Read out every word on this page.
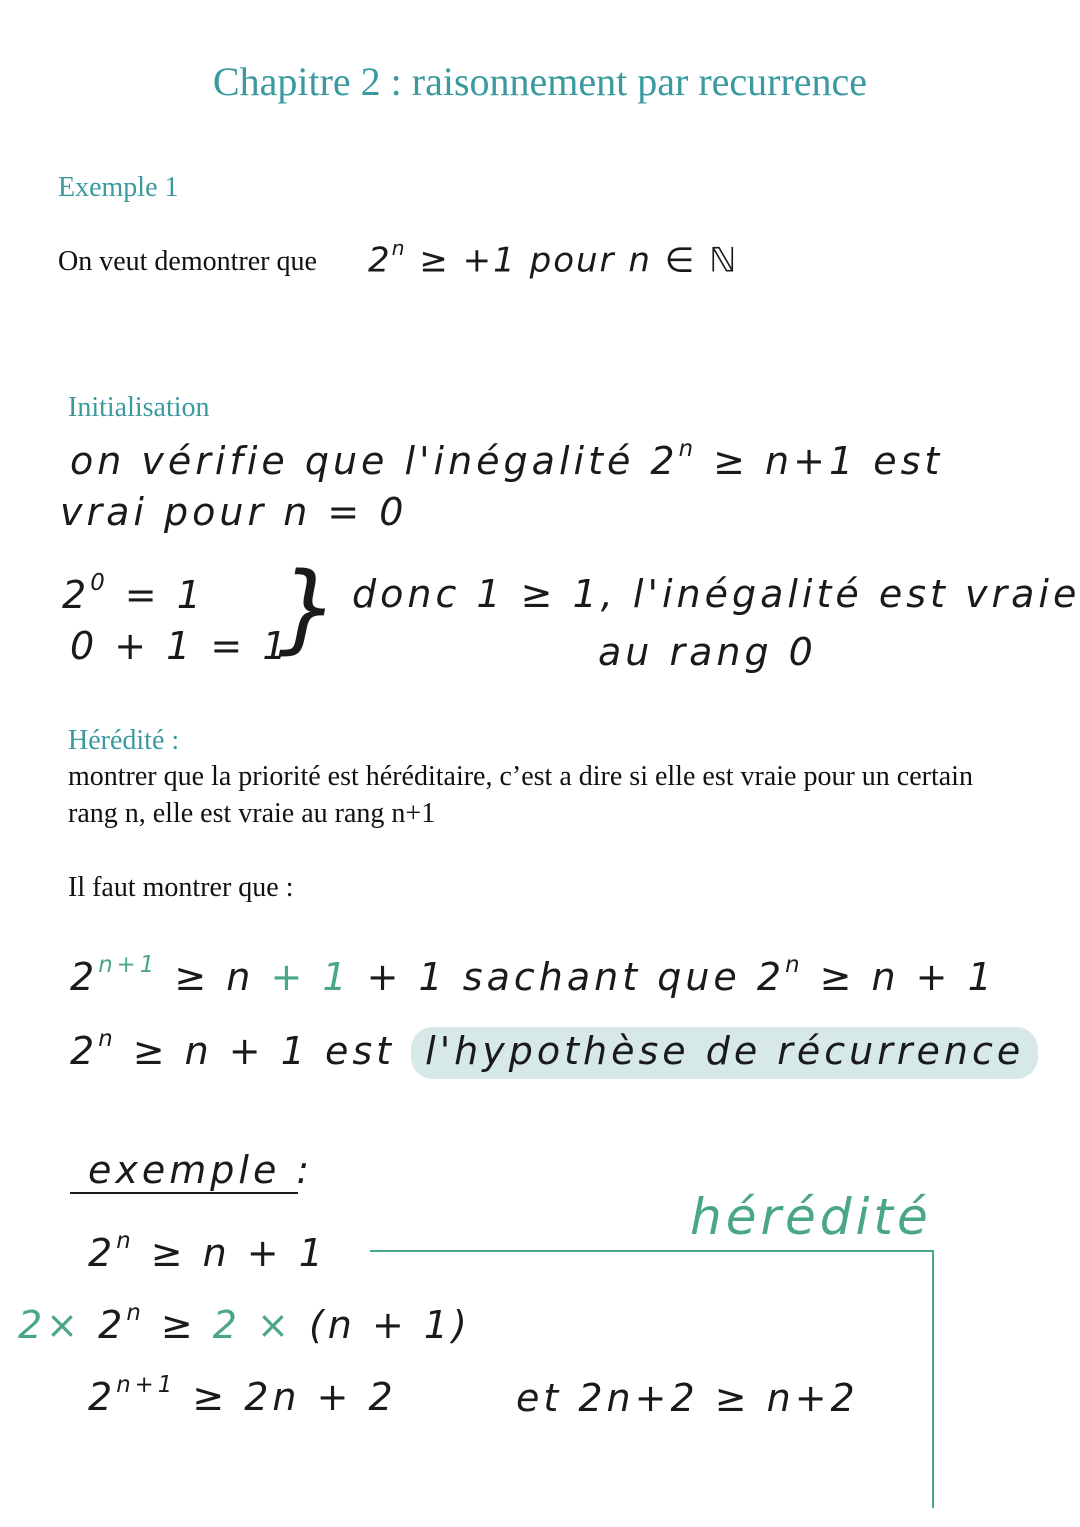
Chapitre 2 : raisonnement par recurrence
Exemple 1
On veut demontrer que $2^n \ge +1$ pour n ∈ ℕ
Initialisation
on vérifie que l'inégalité $2^n \ge n+1$ est
vrai pour n = 0
$2^0 = 1$
0 + 1 = 1
} donc 1 ≥ 1, l'inégalité est vraie
au rang 0
Hérédité :
montrer que la priorité est héréditaire, c’est a dire si elle est vraie pour un certain
rang n, elle est vraie au rang n+1
Il faut montrer que :
$2^{n+1} \ge n + 1 + 1$ sachant que $2^n \ge n + 1$
$2^n \ge n + 1$ est l'hypothèse de récurrence
exemple :
hérédité
$2^n \ge n + 1$
$2\times 2^n \ge 2 \times (n + 1)$
$2^{n+1} \ge 2n + 2$	et 2n+2 ≥ n+2
